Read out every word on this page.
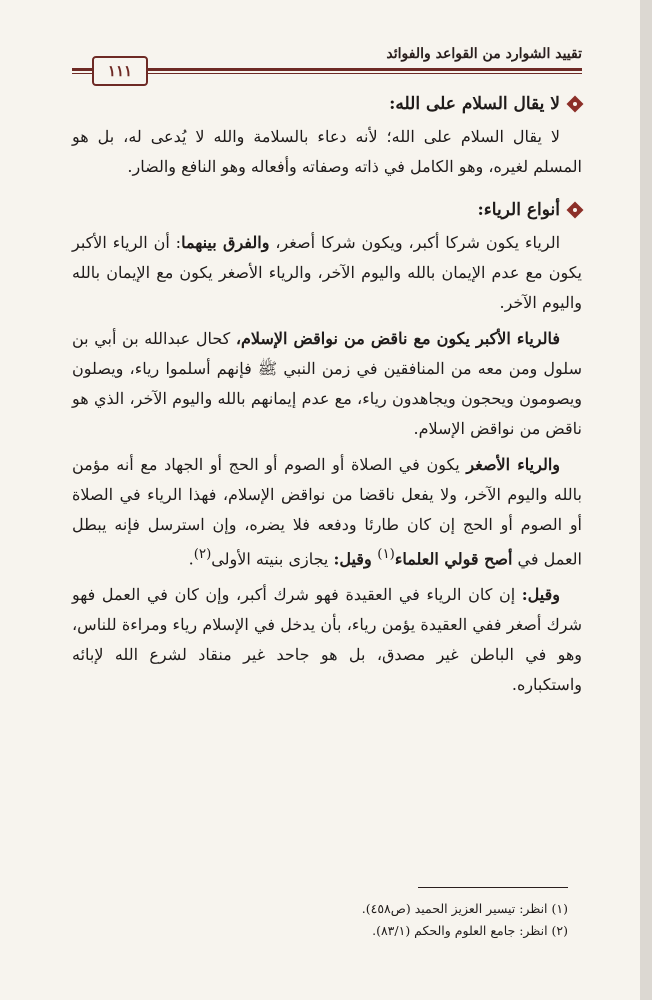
تقييد الشوارد من القواعد والفوائد
١١١
لا يقال السلام على الله:

لا يقال السلام على الله؛ لأنه دعاء بالسلامة والله لا يُدعى له، بل هو المسلم لغيره، وهو الكامل في ذاته وصفاته وأفعاله وهو النافع والضار.

أنواع الرياء:

الرياء يكون شركا أكبر، ويكون شركا أصغر، والفرق بينهما: أن الرياء الأكبر يكون مع عدم الإيمان بالله واليوم الآخر، والرياء الأصغر يكون مع الإيمان بالله واليوم الآخر.

فالرياء الأكبر يكون مع ناقض من نواقض الإسلام، كحال عبدالله بن أبي بن سلول ومن معه من المنافقين في زمن النبي ﷺ فإنهم أسلموا رياء، ويصلون ويصومون ويحجون ويجاهدون رياء، مع عدم إيمانهم بالله واليوم الآخر، الذي هو ناقض من نواقض الإسلام.

والرياء الأصغر يكون في الصلاة أو الصوم أو الحج أو الجهاد مع أنه مؤمن بالله واليوم الآخر، ولا يفعل ناقضا من نواقض الإسلام، فهذا الرياء في الصلاة أو الصوم أو الحج إن كان طارئا ودفعه فلا يضره، وإن استرسل فإنه يبطل العمل في أصح قولي العلماء$^{(١)}$ وقيل: يجازى بنيته الأولى$^{(٢)}$.

وقيل: إن كان الرياء في العقيدة فهو شرك أكبر، وإن كان في العمل فهو شرك أصغر ففي العقيدة يؤمن رياء، بأن يدخل في الإسلام رياء ومراءة للناس، وهو في الباطن غير مصدق، بل هو جاحد غير منقاد لشرع الله لإبائه واستكباره.

(١) انظر: تيسير العزيز الحميد (ص٤٥٨).
(٢) انظر: جامع العلوم والحكم (٨٣/١).
